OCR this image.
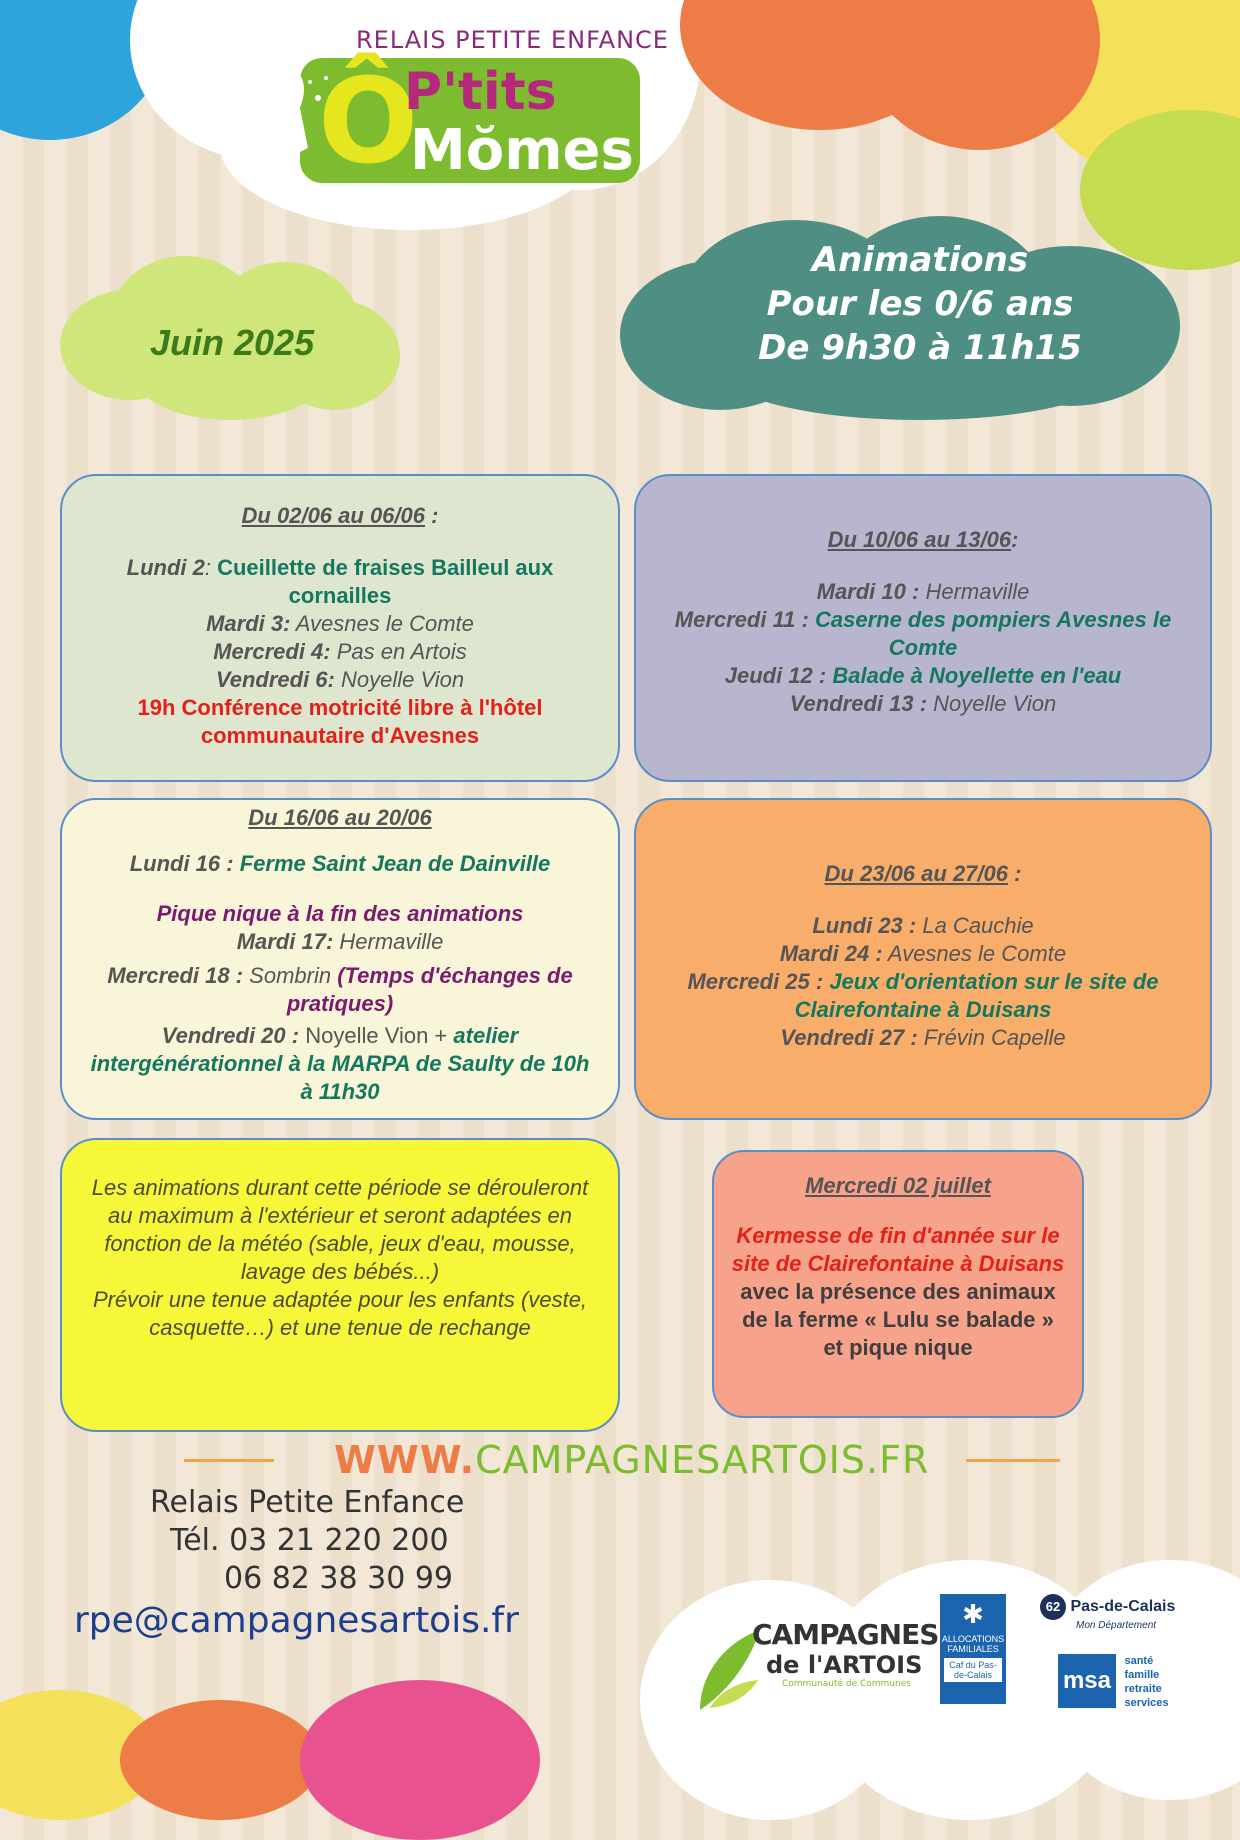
RELAIS PETITE ENFANCE
Ô
P'tits
Mŏmes
Juin 2025
Animations
Pour les 0/6 ans
De 9h30 à 11h15
Du 02/06 au 06/06 :
Lundi 2: Cueillette de fraises Bailleul aux cornailles
Mardi 3: Avesnes le Comte
Mercredi 4: Pas en Artois
Vendredi 6: Noyelle Vion
19h Conférence motricité libre à l'hôtel communautaire d'Avesnes
Du 10/06 au 13/06:
Mardi 10 : Hermaville
Mercredi 11 : Caserne des pompiers Avesnes le Comte
Jeudi 12 : Balade à Noyellette en l'eau
Vendredi 13 : Noyelle Vion
Du 16/06 au 20/06
Lundi 16 : Ferme Saint Jean de Dainville
Pique nique à la fin des animations
Mardi 17: Hermaville
Mercredi 18 : Sombrin (Temps d'échanges de pratiques)
Vendredi 20 : Noyelle Vion + atelier intergénérationnel à la MARPA de Saulty de 10h à 11h30
Du 23/06 au 27/06 :
Lundi 23 : La Cauchie
Mardi 24 : Avesnes le Comte
Mercredi 25 : Jeux d'orientation sur le site de Clairefontaine à Duisans
Vendredi 27 : Frévin Capelle
Les animations durant cette période se dérouleront au maximum à l'extérieur et seront adaptées en fonction de la météo (sable, jeux d'eau, mousse, lavage des bébés...)
Prévoir une tenue adaptée pour les enfants (veste, casquette…) et une tenue de rechange
Mercredi 02 juillet
Kermesse de fin d'année sur le site de Clairefontaine à Duisans
avec la présence des animaux de la ferme « Lulu se balade » et pique nique
WWW.CAMPAGNESARTOIS.FR
Relais Petite Enfance
Tél. 03 21 220 200
06 82 38 30 99
rpe@campagnesartois.fr	CAMPAGNES
de l'ARTOIS
Communauté de Communes
✱
ALLOCATIONS FAMILIALES
Caf du Pas-de-Calais
62 Pas-de-Calais
Mon Département
msa
santé
famille
retraite
services
